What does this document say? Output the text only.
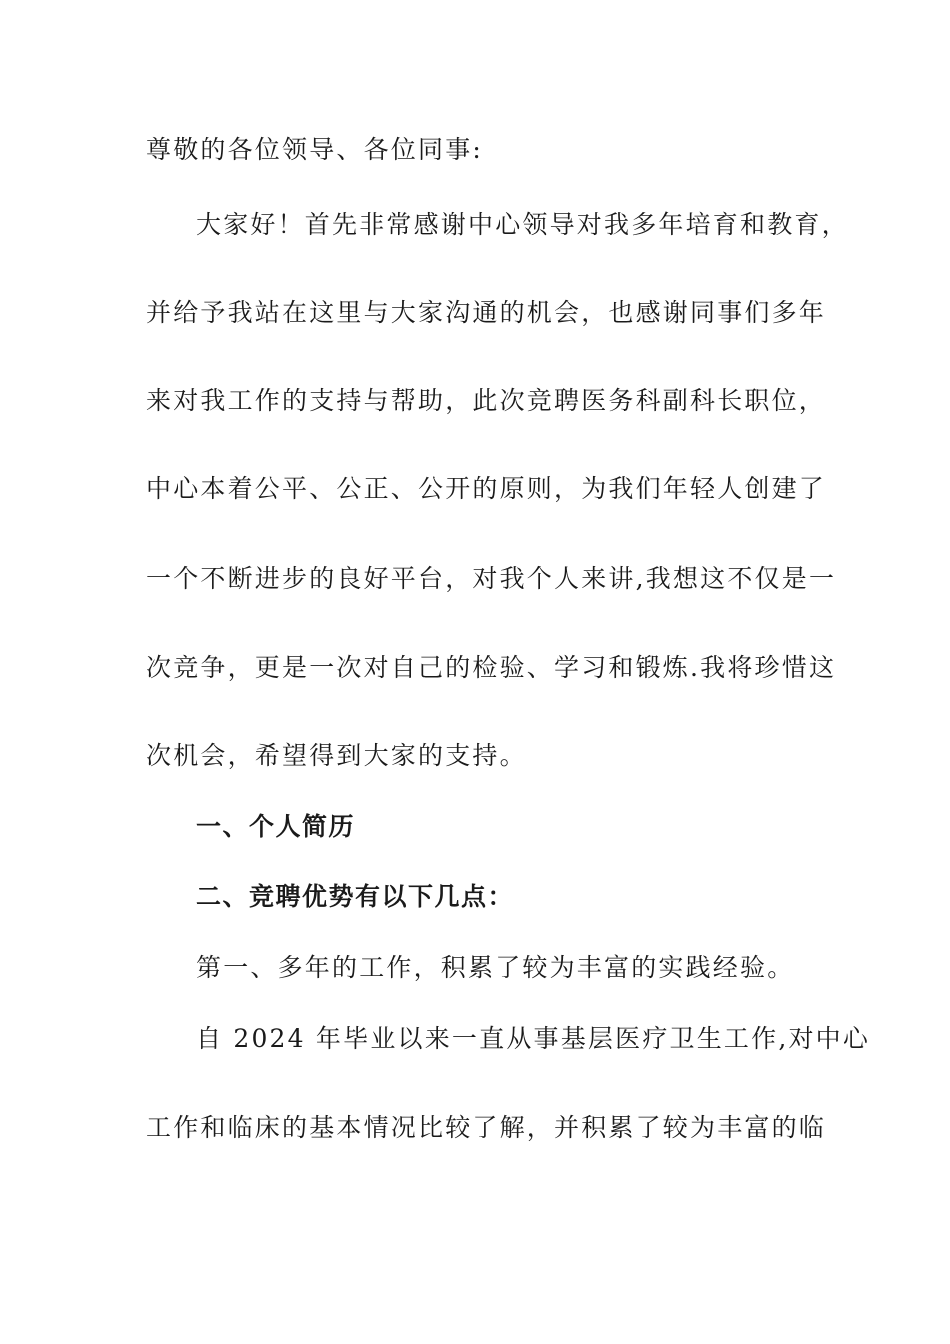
尊敬的各位领导、各位同事:
大家好！首先非常感谢中心领导对我多年培育和教育，
并给予我站在这里与大家沟通的机会，也感谢同事们多年
来对我工作的支持与帮助，此次竞聘医务科副科长职位，
中心本着公平、公正、公开的原则，为我们年轻人创建了
一个不断进步的良好平台，对我个人来讲,我想这不仅是一
次竞争，更是一次对自己的检验、学习和锻炼.我将珍惜这
次机会，希望得到大家的支持。
一、个人简历
二、竞聘优势有以下几点：
第一、多年的工作，积累了较为丰富的实践经验。
自 2024 年毕业以来一直从事基层医疗卫生工作,对中心
工作和临床的基本情况比较了解，并积累了较为丰富的临
